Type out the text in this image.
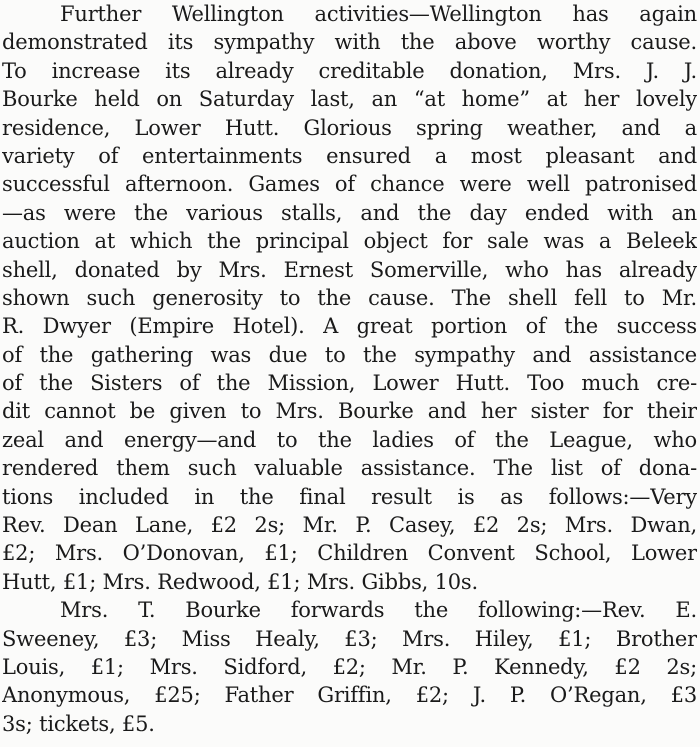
Further Wellington activities—Wellington has again
demonstrated its sympathy with the above worthy cause.
To increase its already creditable donation, Mrs. J. J.
Bourke held on Saturday last, an “at home” at her lovely
residence, Lower Hutt. Glorious spring weather, and a
variety of entertainments ensured a most pleasant and
successful afternoon. Games of chance were well patronised
—as were the various stalls, and the day ended with an
auction at which the principal object for sale was a Beleek
shell, donated by Mrs. Ernest Somerville, who has already
shown such generosity to the cause. The shell fell to Mr.
R. Dwyer (Empire Hotel). A great portion of the success
of the gathering was due to the sympathy and assistance
of the Sisters of the Mission, Lower Hutt. Too much cre-
dit cannot be given to Mrs. Bourke and her sister for their
zeal and energy—and to the ladies of the League, who
rendered them such valuable assistance. The list of dona-
tions included in the final result is as follows:—Very
Rev. Dean Lane, £2 2s; Mr. P. Casey, £2 2s; Mrs. Dwan,
£2; Mrs. O’Donovan, £1; Children Convent School, Lower
Hutt, £1; Mrs. Redwood, £1; Mrs. Gibbs, 10s.

Mrs. T. Bourke forwards the following:—Rev. E.
Sweeney, £3; Miss Healy, £3; Mrs. Hiley, £1; Brother
Louis, £1; Mrs. Sidford, £2; Mr. P. Kennedy, £2 2s;
Anonymous, £25; Father Griffin, £2; J. P. O’Regan, £3
3s; tickets, £5.
